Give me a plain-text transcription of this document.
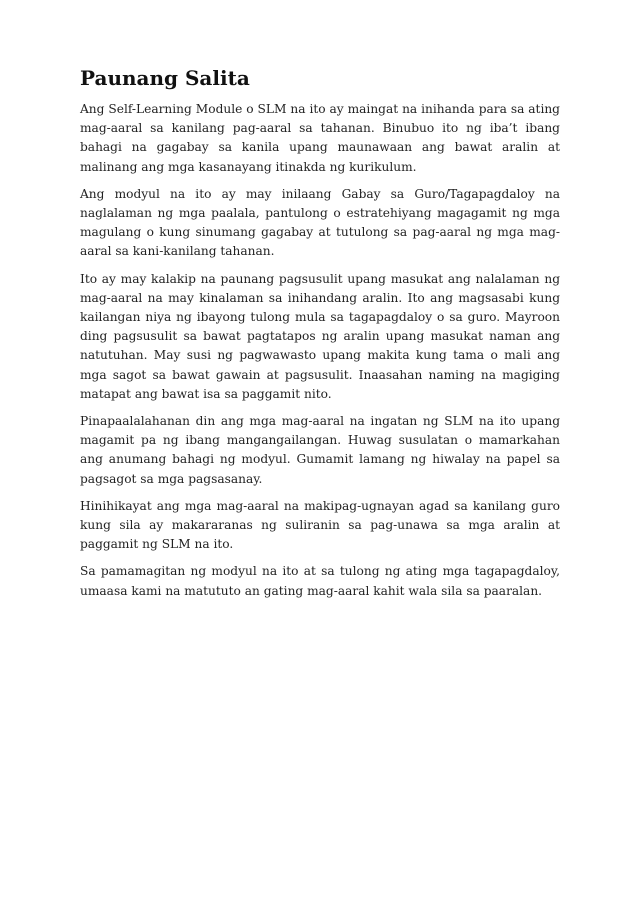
Paunang Salita

Ang Self-Learning Module o SLM na ito ay maingat na inihanda para sa ating mag-aaral sa kanilang pag-aaral sa tahanan. Binubuo ito ng iba’t ibang bahagi na gagabay sa kanila upang maunawaan ang bawat aralin at malinang ang mga kasanayang itinakda ng kurikulum.

Ang modyul na ito ay may inilaang Gabay sa Guro/Tagapagdaloy na naglalaman ng mga paalala, pantulong o estratehiyang magagamit ng mga magulang o kung sinumang gagabay at tutulong sa pag-aaral ng mga mag-aaral sa kani-kanilang tahanan.

Ito ay may kalakip na paunang pagsusulit upang masukat ang nalalaman ng mag-aaral na may kinalaman sa inihandang aralin. Ito ang magsasabi kung kailangan niya ng ibayong tulong mula sa tagapagdaloy o sa guro. Mayroon ding pagsusulit sa bawat pagtatapos ng aralin upang masukat naman ang natutuhan. May susi ng pagwawasto upang makita kung tama o mali ang mga sagot sa bawat gawain at pagsusulit. Inaasahan naming na magiging matapat ang bawat isa sa paggamit nito.

Pinapaalalahanan din ang mga mag-aaral na ingatan ng SLM na ito upang magamit pa ng ibang mangangailangan. Huwag susulatan o mamarkahan ang anumang bahagi ng modyul. Gumamit lamang ng hiwalay na papel sa pagsagot sa mga pagsasanay.

Hinihikayat ang mga mag-aaral na makipag-ugnayan agad sa kanilang guro kung sila ay makararanas ng suliranin sa pag-unawa sa mga aralin at paggamit ng SLM na ito.

Sa pamamagitan ng modyul na ito at sa tulong ng ating mga tagapagdaloy, umaasa kami na matututo an gating mag-aaral kahit wala sila sa paaralan.
